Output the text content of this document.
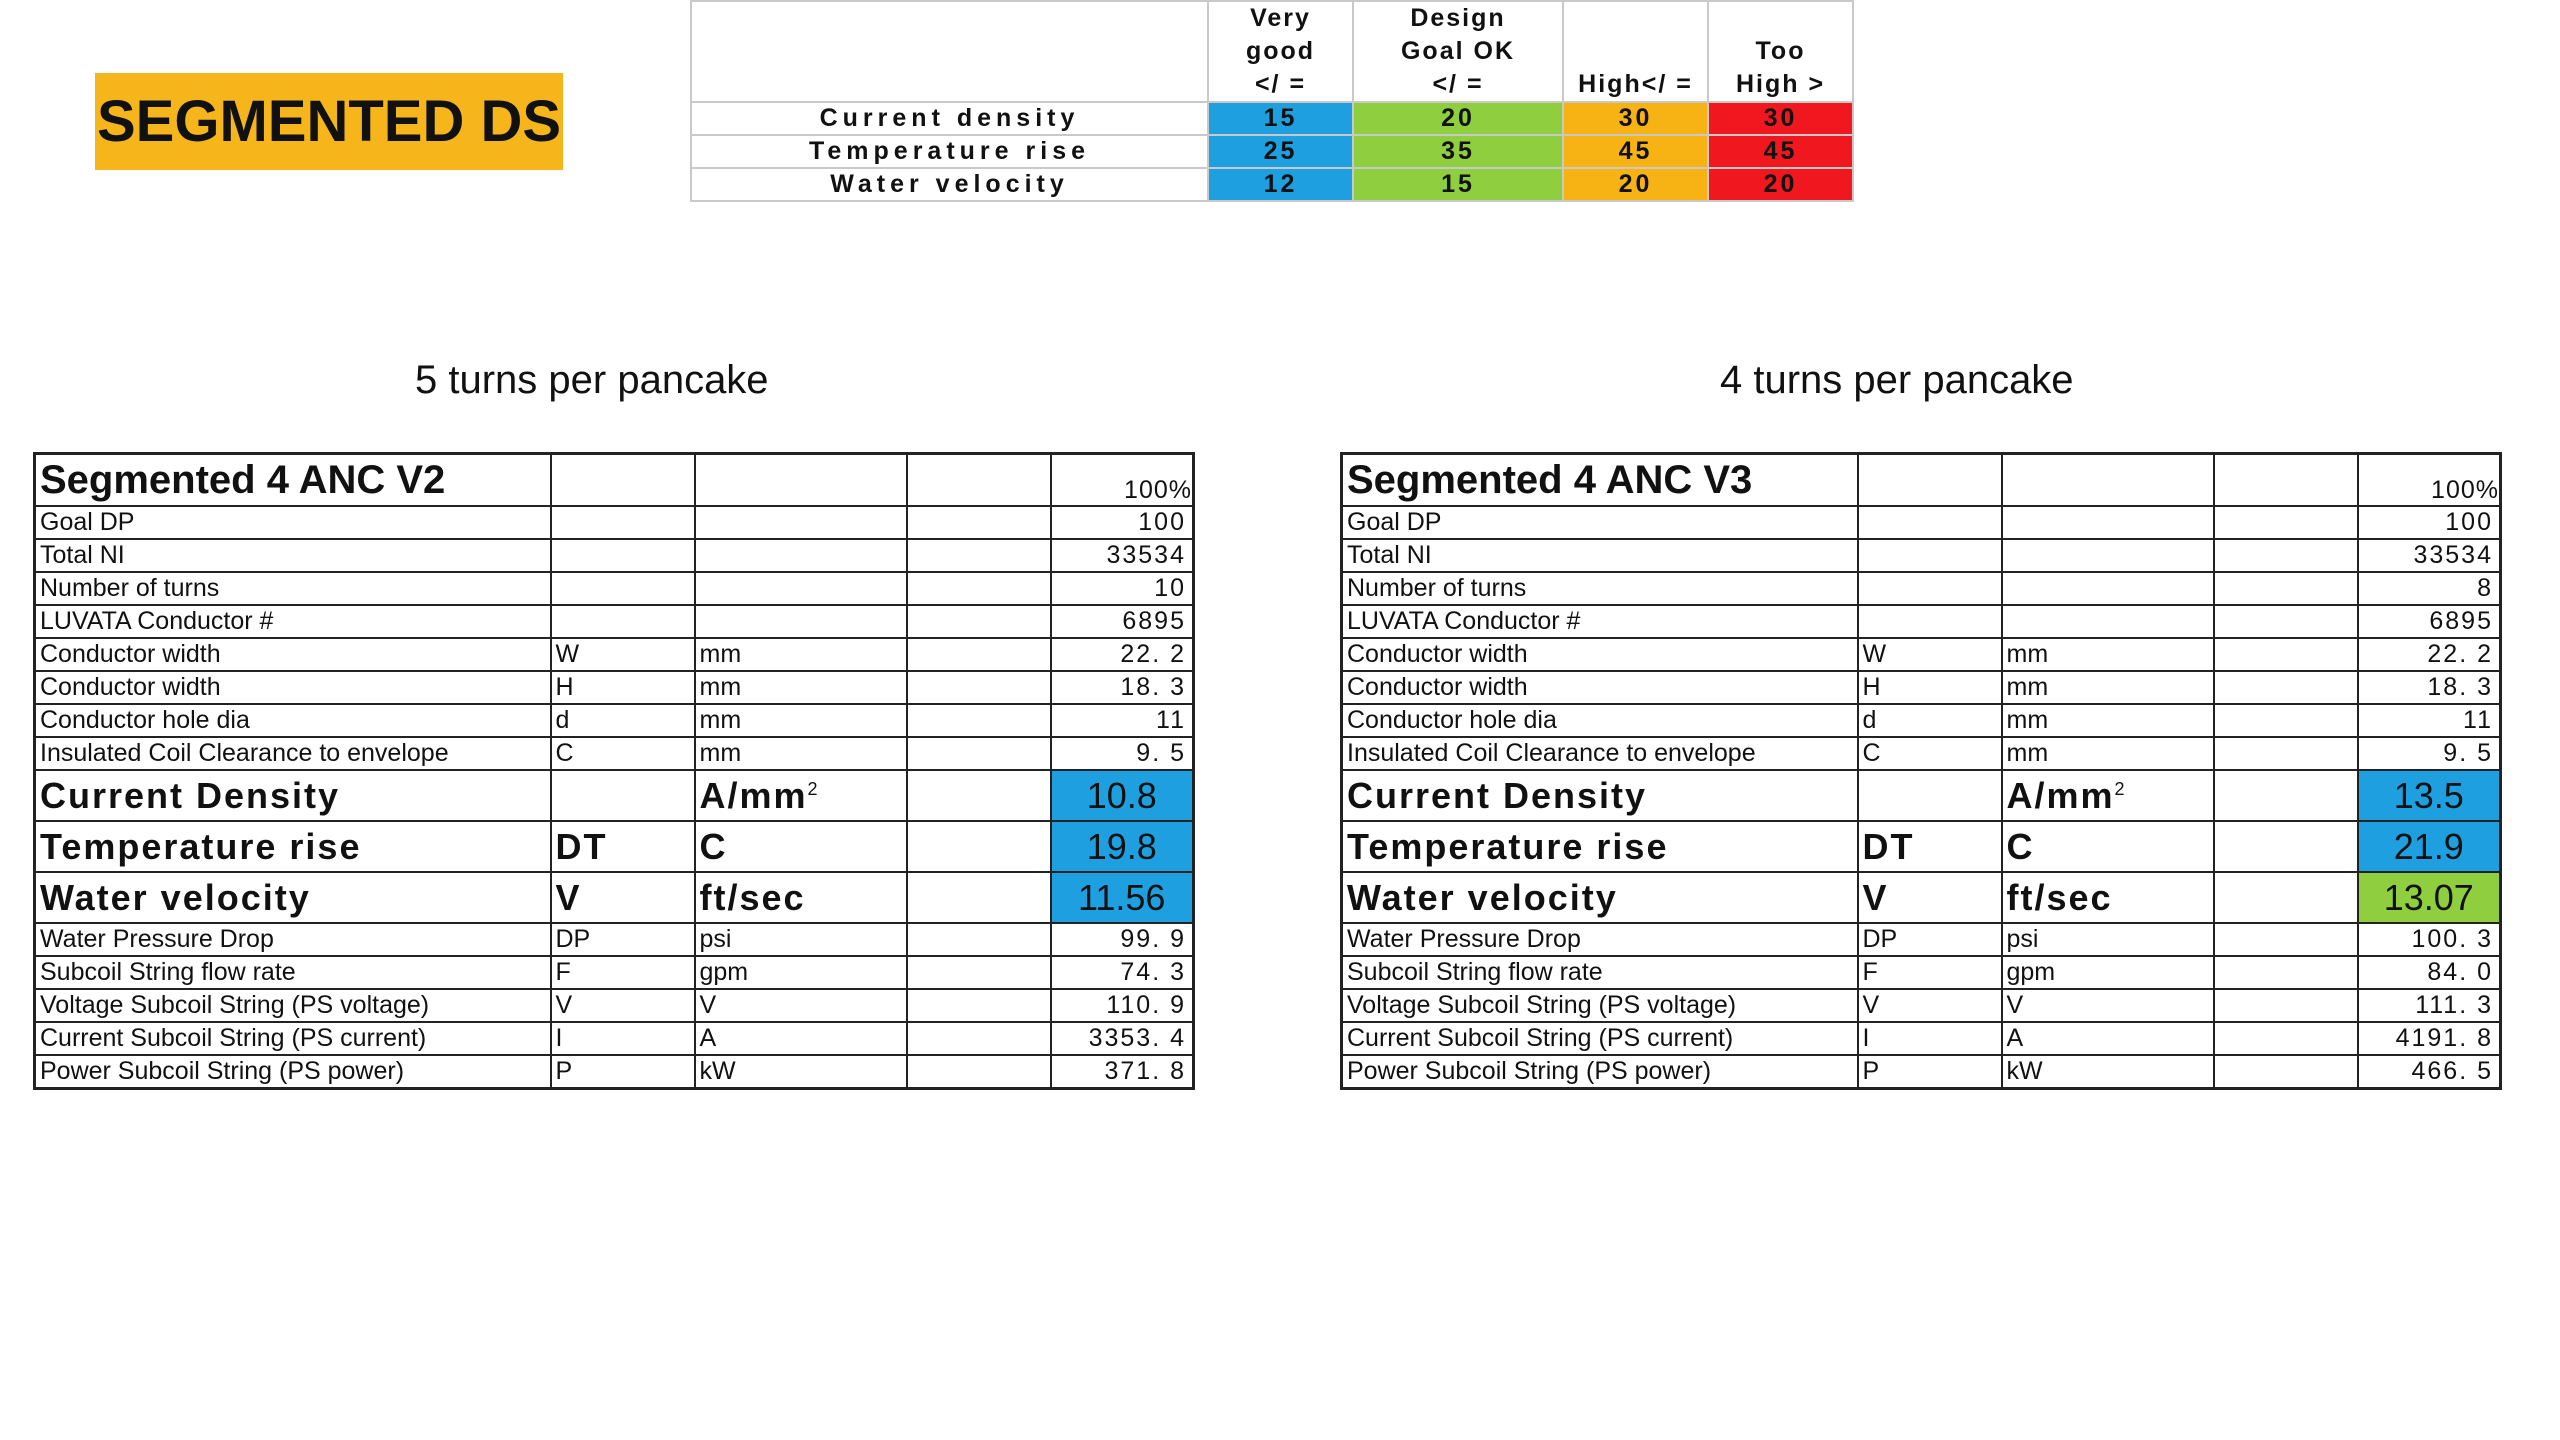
SEGMENTED DS

	Very
good
</ =	Design
Goal OK
</ =	High</ =	Too
High >

Current density	15	20	30	30
Temperature rise	25	35	45	45
Water velocity	12	15	20	20
5 turns per pancake	4 turns per pancake
Segmented 4 ANC V2				100%
Goal DP				100
Total NI				33534
Number of turns				10
LUVATA Conductor #				6895
Conductor width	W	mm		22. 2
Conductor width	H	mm		18. 3
Conductor hole dia	d	mm		11
Insulated Coil Clearance to envelope	C	mm		9. 5
Current Density		$A/mm^2$		10.8
Temperature rise	DT	C		19.8
Water velocity	V	ft/sec		11.56
Water Pressure Drop	DP	psi		99. 9
Subcoil String flow rate	F	gpm		74. 3
Voltage Subcoil String (PS voltage)	V	V		110. 9
Current Subcoil String (PS current)	I	A		3353. 4
Power Subcoil String (PS power)	P	kW		371. 8
Segmented 4 ANC V3				100%
Goal DP				100
Total NI				33534
Number of turns				8
LUVATA Conductor #				6895
Conductor width	W	mm		22. 2
Conductor width	H	mm		18. 3
Conductor hole dia	d	mm		11
Insulated Coil Clearance to envelope	C	mm		9. 5
Current Density		$A/mm^2$		13.5
Temperature rise	DT	C		21.9
Water velocity	V	ft/sec		13.07
Water Pressure Drop	DP	psi		100. 3
Subcoil String flow rate	F	gpm		84. 0
Voltage Subcoil String (PS voltage)	V	V		111. 3
Current Subcoil String (PS current)	I	A		4191. 8
Power Subcoil String (PS power)	P	kW		466. 5
